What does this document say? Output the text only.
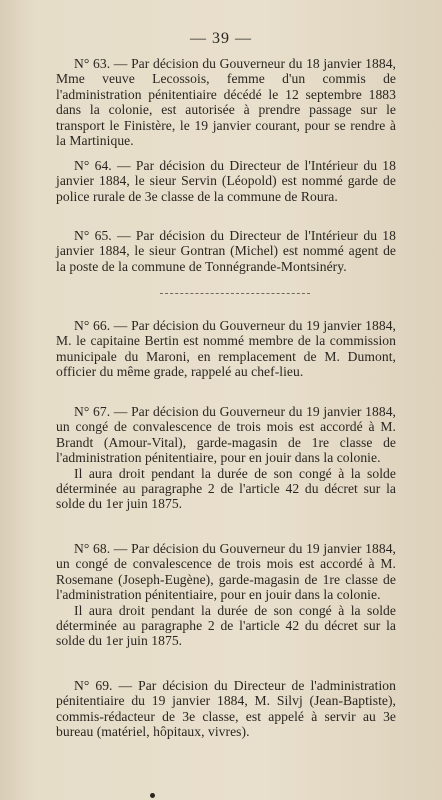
— 39 —

N° 63. — Par décision du Gouverneur du 18 janvier 1884, Mme veuve Lecossois, femme d'un commis de l'administration pénitentiaire décédé le 12 septembre 1883 dans la colonie, est autorisée à prendre passage sur le transport le Finistère, le 19 janvier courant, pour se rendre à la Martinique.

N° 64. — Par décision du Directeur de l'Intérieur du 18 janvier 1884, le sieur Servin (Léopold) est nommé garde de police rurale de 3e classe de la commune de Roura.

N° 65. — Par décision du Directeur de l'Intérieur du 18 janvier 1884, le sieur Gontran (Michel) est nommé agent de la poste de la commune de Tonnégrande-Montsinéry.

N° 66. — Par décision du Gouverneur du 19 janvier 1884, M. le capitaine Bertin est nommé membre de la commission municipale du Maroni, en remplacement de M. Dumont, officier du même grade, rappelé au chef-lieu.

N° 67. — Par décision du Gouverneur du 19 janvier 1884, un congé de convalescence de trois mois est accordé à M. Brandt (Amour-Vital), garde-magasin de 1re classe de l'administration pénitentiaire, pour en jouir dans la colonie.

Il aura droit pendant la durée de son congé à la solde déterminée au paragraphe 2 de l'article 42 du décret sur la solde du 1er juin 1875.

N° 68. — Par décision du Gouverneur du 19 janvier 1884, un congé de convalescence de trois mois est accordé à M. Rosemane (Joseph-Eugène), garde-magasin de 1re classe de l'administration pénitentiaire, pour en jouir dans la colonie.

Il aura droit pendant la durée de son congé à la solde déterminée au paragraphe 2 de l'article 42 du décret sur la solde du 1er juin 1875.

N° 69. — Par décision du Directeur de l'administration pénitentiaire du 19 janvier 1884, M. Silvj (Jean-Baptiste), commis-rédacteur de 3e classe, est appelé à servir au 3e bureau (matériel, hôpitaux, vivres).
